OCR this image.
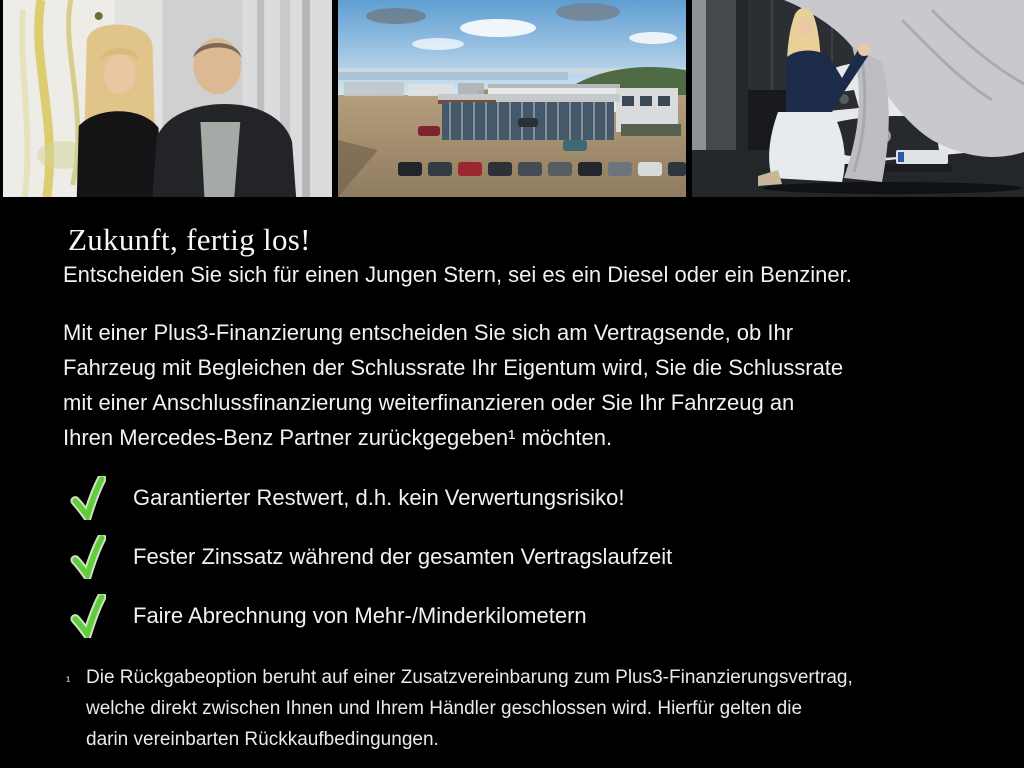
Zukunft, fertig los!

Entscheiden Sie sich für einen Jungen Stern, sei es ein Diesel oder ein Benziner.

Mit einer Plus3-Finanzierung entscheiden Sie sich am Vertragsende, ob Ihr
Fahrzeug mit Begleichen der Schlussrate Ihr Eigentum wird, Sie die Schlussrate
mit einer Anschlussfinanzierung weiterfinanzieren oder Sie Ihr Fahrzeug an
Ihren Mercedes-Benz Partner zurückgegeben¹ möchten.
Garantierter Restwert, d.h. kein Verwertungsrisiko!
Fester Zinssatz während der gesamten Vertragslaufzeit
Faire Abrechnung von Mehr-/Minderkilometern
¹ Die Rückgabeoption beruht auf einer Zusatzvereinbarung zum Plus3-Finanzierungsvertrag,
welche direkt zwischen Ihnen und Ihrem Händler geschlossen wird. Hierfür gelten die
darin vereinbarten Rückkaufbedingungen.
